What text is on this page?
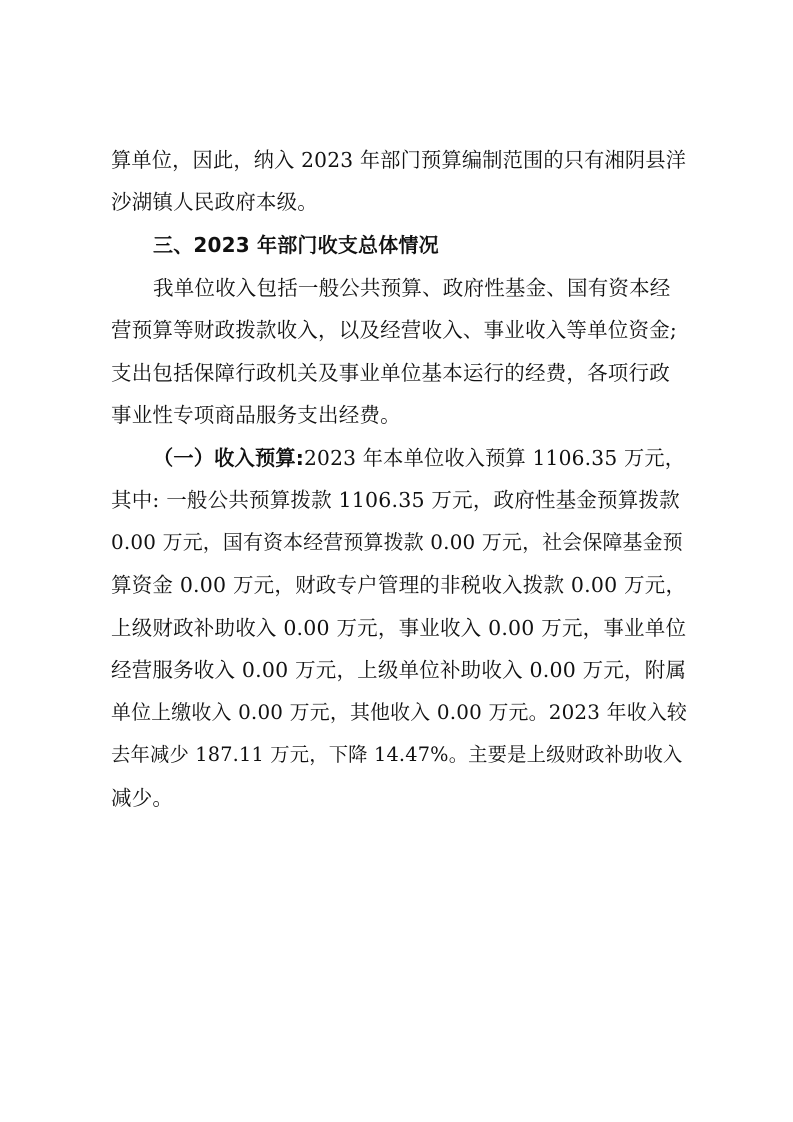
算单位，因此，纳入 2023 年部门预算编制范围的只有湘阴县洋
沙湖镇人民政府本级。
三、2023 年部门收支总体情况
我单位收入包括一般公共预算、政府性基金、国有资本经
营预算等财政拨款收入，以及经营收入、事业收入等单位资金;
支出包括保障行政机关及事业单位基本运行的经费，各项行政
事业性专项商品服务支出经费。
（一）收入预算:2023 年本单位收入预算 1106.35 万元，
其中: 一般公共预算拨款 1106.35 万元，政府性基金预算拨款
0.00 万元，国有资本经营预算拨款 0.00 万元，社会保障基金预
算资金 0.00 万元，财政专户管理的非税收入拨款 0.00 万元，
上级财政补助收入 0.00 万元，事业收入 0.00 万元，事业单位
经营服务收入 0.00 万元，上级单位补助收入 0.00 万元，附属
单位上缴收入 0.00 万元，其他收入 0.00 万元。2023 年收入较
去年减少 187.11 万元，下降 14.47%。主要是上级财政补助收入
减少。
